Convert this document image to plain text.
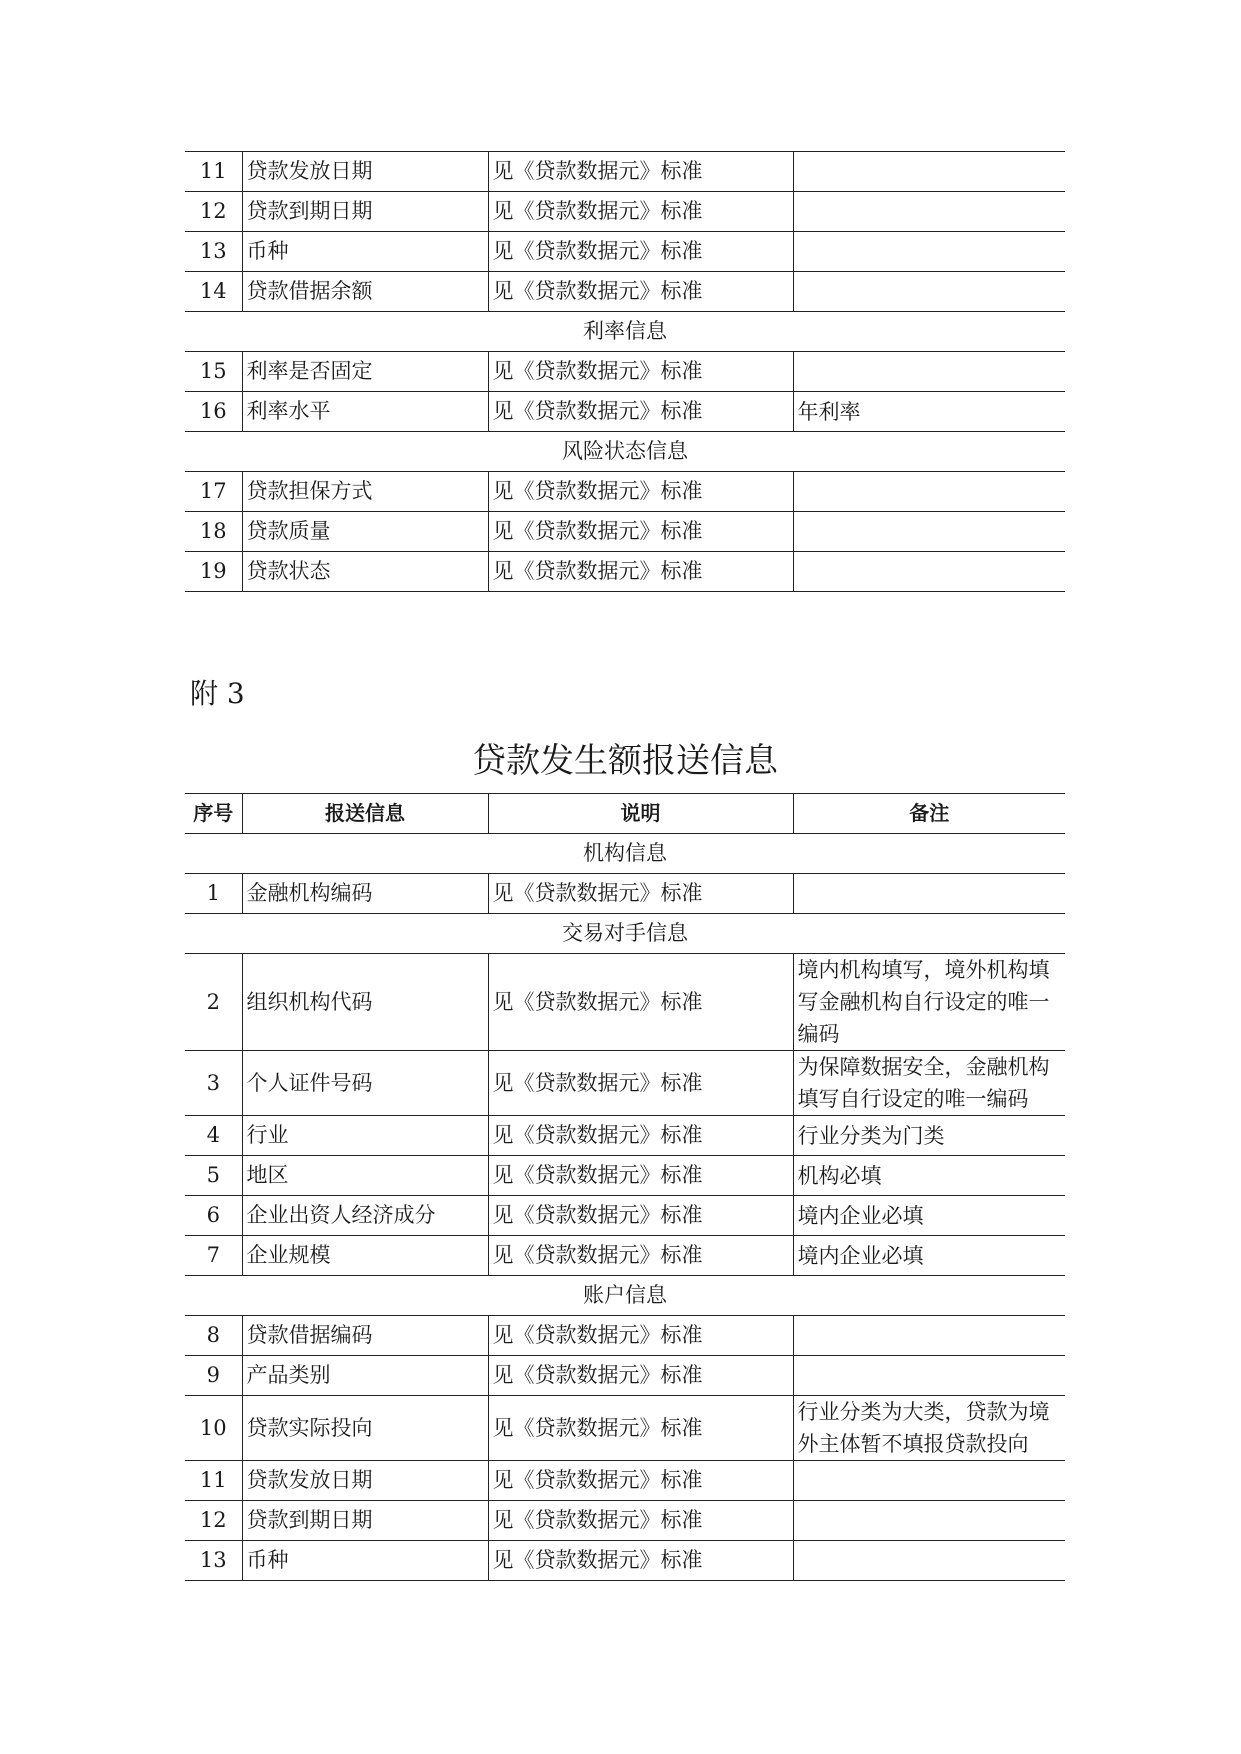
11	贷款发放日期	见《贷款数据元》标准	
12	贷款到期日期	见《贷款数据元》标准	
13	币种	见《贷款数据元》标准	
14	贷款借据余额	见《贷款数据元》标准	
利率信息			
15	利率是否固定	见《贷款数据元》标准	
16	利率水平	见《贷款数据元》标准	年利率
风险状态信息			
17	贷款担保方式	见《贷款数据元》标准	
18	贷款质量	见《贷款数据元》标准	
19	贷款状态	见《贷款数据元》标准	
附 3
贷款发生额报送信息
序号	报送信息	说明	备注
机构信息			
1	金融机构编码	见《贷款数据元》标准	
交易对手信息			
2	组织机构代码	见《贷款数据元》标准	境内机构填写，境外机构填写金融机构自行设定的唯一编码
3	个人证件号码	见《贷款数据元》标准	为保障数据安全，金融机构填写自行设定的唯一编码
4	行业	见《贷款数据元》标准	行业分类为门类
5	地区	见《贷款数据元》标准	机构必填
6	企业出资人经济成分	见《贷款数据元》标准	境内企业必填
7	企业规模	见《贷款数据元》标准	境内企业必填
账户信息			
8	贷款借据编码	见《贷款数据元》标准	
9	产品类别	见《贷款数据元》标准	
10	贷款实际投向	见《贷款数据元》标准	行业分类为大类，贷款为境外主体暂不填报贷款投向
11	贷款发放日期	见《贷款数据元》标准	
12	贷款到期日期	见《贷款数据元》标准	
13	币种	见《贷款数据元》标准	
